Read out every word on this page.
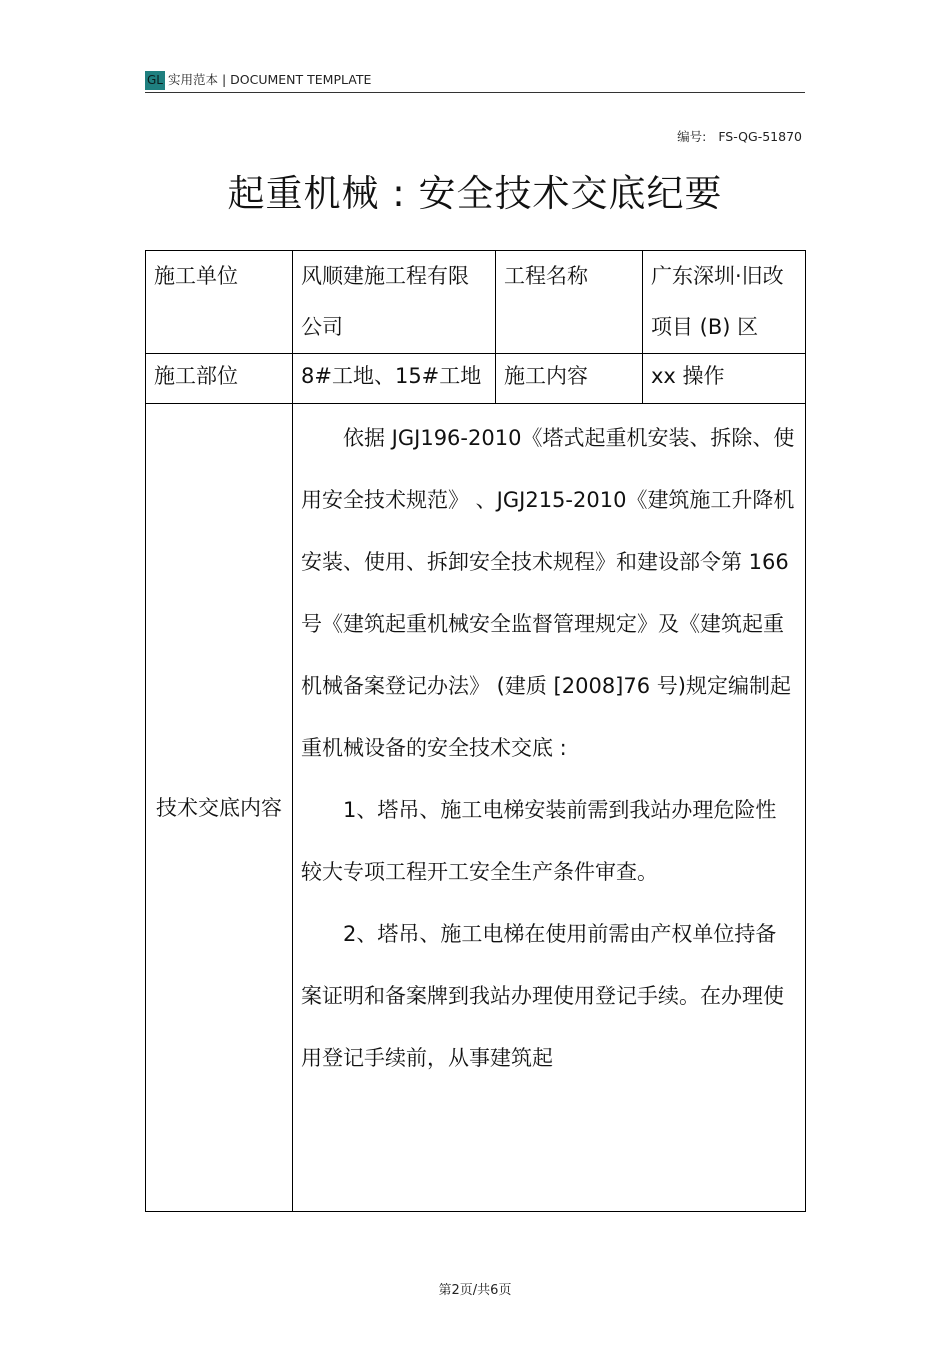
GL 实用范本 | DOCUMENT TEMPLATE
编号: FS-QG-51870
起重机械 : 安全技术交底纪要
施工单位	风顺建施工程有限公司	工程名称	广东深圳·旧改项目 (B) 区
施工部位	8#工地、15#工地	施工内容	xx 操作
技术交底内容	依据 JGJ196-2010《塔式起重机安装、拆除、使用安全技术规范》 、JGJ215-2010《建筑施工升降机安装、使用、拆卸安全技术规程》和建设部令第 166 号《建筑起重机械安全监督管理规定》及《建筑起重机械备案登记办法》 (建质 [2008]76 号)规定编制起重机械设备的安全技术交底 :

1、塔吊、施工电梯安装前需到我站办理危险性较大专项工程开工安全生产条件审查。

2、塔吊、施工电梯在使用前需由产权单位持备案证明和备案牌到我站办理使用登记手续。在办理使用登记手续前，从事建筑起		

第2页/共6页
